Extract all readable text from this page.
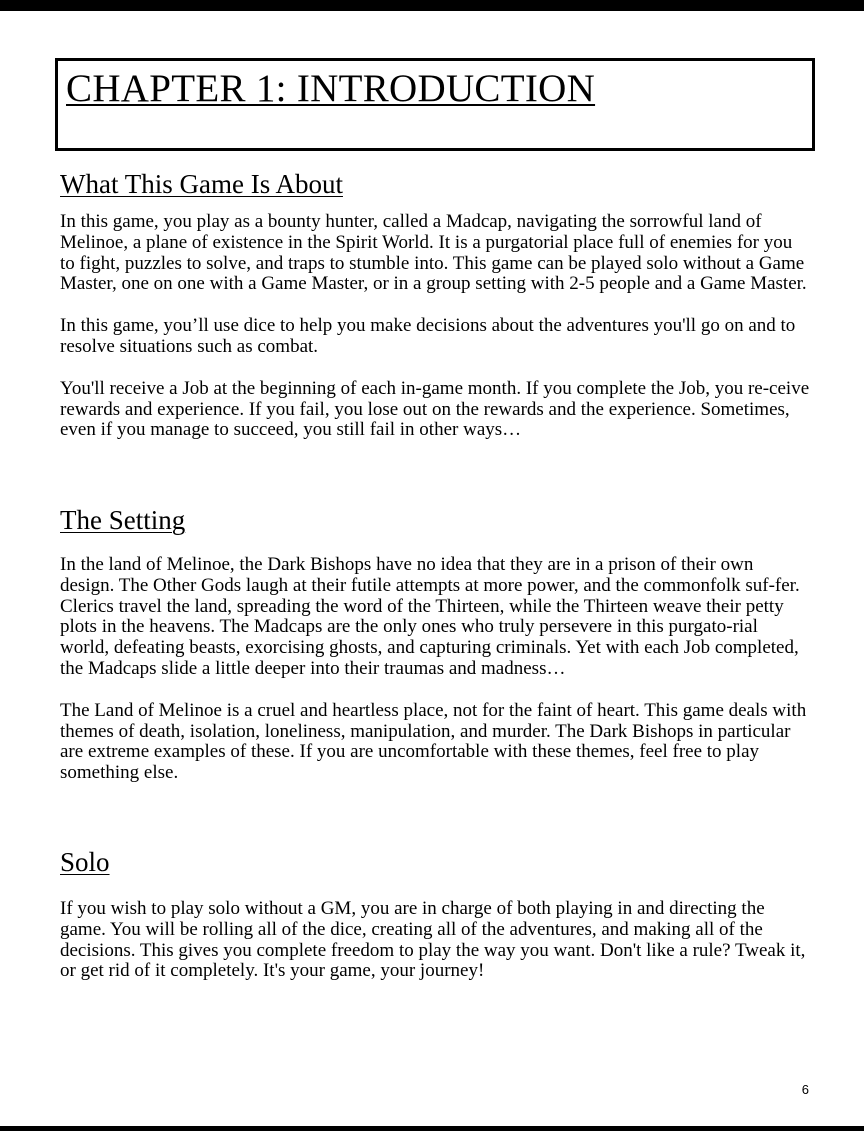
CHAPTER 1: INTRODUCTION
What This Game Is About

In this game, you play as a bounty hunter, called a Madcap, navigating the sorrowful land of Melinoe, a plane of existence in the Spirit World. It is a purgatorial place full of enemies for you to fight, puzzles to solve, and traps to stumble into. This game can be played solo without a Game Master, one on one with a Game Master, or in a group setting with 2-5 people and a Game Master.

In this game, you’ll use dice to help you make decisions about the adventures you'll go on and to resolve situations such as combat.

You'll receive a Job at the beginning of each in-game month. If you complete the Job, you re-ceive rewards and experience. If you fail, you lose out on the rewards and the experience. Sometimes, even if you manage to succeed, you still fail in other ways…

The Setting

In the land of Melinoe, the Dark Bishops have no idea that they are in a prison of their own design. The Other Gods laugh at their futile attempts at more power, and the commonfolk suf-fer. Clerics travel the land, spreading the word of the Thirteen, while the Thirteen weave their petty plots in the heavens. The Madcaps are the only ones who truly persevere in this purgato-rial world, defeating beasts, exorcising ghosts, and capturing criminals. Yet with each Job completed, the Madcaps slide a little deeper into their traumas and madness…

The Land of Melinoe is a cruel and heartless place, not for the faint of heart. This game deals with themes of death, isolation, loneliness, manipulation, and murder. The Dark Bishops in particular are extreme examples of these. If you are uncomfortable with these themes, feel free to play something else.

Solo

If you wish to play solo without a GM, you are in charge of both playing in and directing the game. You will be rolling all of the dice, creating all of the adventures, and making all of the decisions. This gives you complete freedom to play the way you want. Don't like a rule? Tweak it, or get rid of it completely. It's your game, your journey!

6
